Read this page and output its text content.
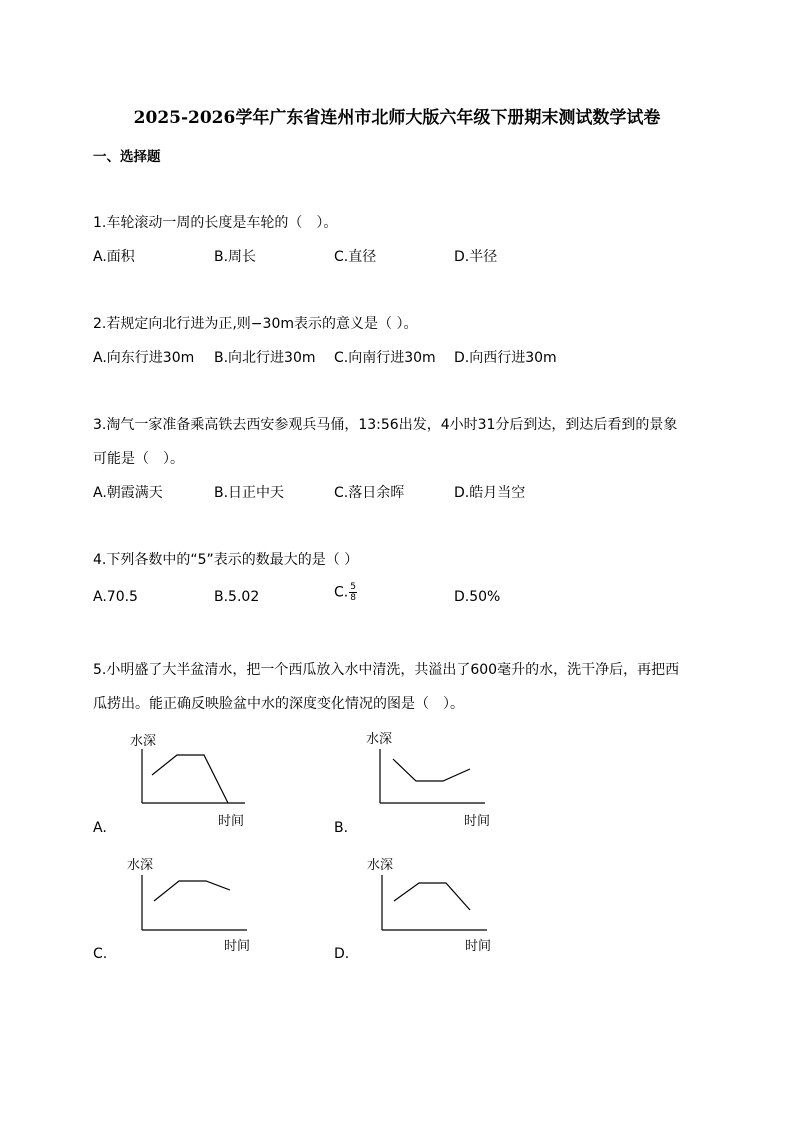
2025-2026学年广东省连州市北师大版六年级下册期末测试数学试卷
一、选择题
1.车轮滚动一周的长度是车轮的（　）。
A.面积	B.周长	C.直径	D.半径
2.若规定向北行进为正,则−30m表示的意义是（ ）。
A.向东行进30m B.向北行进30m C.向南行进30m D.向西行进30m
3.淘气一家准备乘高铁去西安参观兵马俑，13:56出发，4小时31分后到达，到达后看到的景象
可能是（　）。
A.朝霞满天	B.日正中天	C.落日余晖	D.皓月当空
4.下列各数中的“5”表示的数最大的是（ ）
A.70.5	B.5.02	C. $\frac{5}{8}$	D.50%
5.小明盛了大半盆清水，把一个西瓜放入水中清洗，共溢出了600毫升的水，洗干净后，再把西
瓜捞出。能正确反映脸盆中水的深度变化情况的图是（　）。
水深
时间
A.
水深
时间
B.
水深
时间
C.
水深
时间
D.
